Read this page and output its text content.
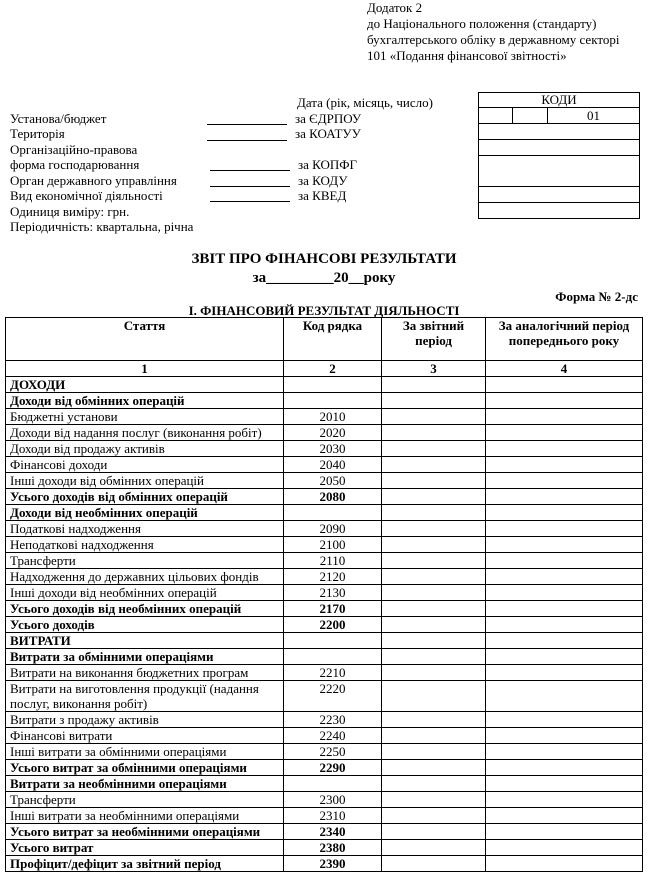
Додаток 2
до Національного положення (стандарту)
бухгалтерського обліку в державному секторі
101 «Подання фінансової звітності»
Дата (рік, місяць, число)	КОДИ
01
Установа/бюджет	за ЄДРПОУ
Територія	за КОАТУУ
Організаційно-правова
форма господарювання	за КОПФГ
Орган державного управління	за КОДУ
Вид економічної діяльності	за КВЕД
Одиниця виміру: грн.
Періодичність: квартальна, річна
ЗВІТ ПРО ФІНАНСОВІ РЕЗУЛЬТАТИ
за_________20__року
Форма № 2-дс
І. ФІНАНСОВИЙ РЕЗУЛЬТАТ ДІЯЛЬНОСТІ
Стаття	Код рядка	За звітний період	За аналогічний період попереднього року
1	2	3	4
ДОХОДИ			
Доходи від обмінних операцій			
Бюджетні установи	2010		
Доходи від надання послуг (виконання робіт)	2020		
Доходи від продажу активів	2030		
Фінансові доходи	2040		
Інші доходи від обмінних операцій	2050		
Усього доходів від обмінних операцій	2080		
Доходи від необмінних операцій			
Податкові надходження	2090		
Неподаткові надходження	2100		
Трансферти	2110		
Надходження до державних цільових фондів	2120		
Інші доходи від необмінних операцій	2130		
Усього доходів від необмінних операцій	2170		
Усього доходів	2200		
ВИТРАТИ			
Витрати за обмінними операціями			
Витрати на виконання бюджетних програм	2210		
Витрати на виготовлення продукції (надання послуг, виконання робіт)	2220		
Витрати з продажу активів	2230		
Фінансові витрати	2240		
Інші витрати за обмінними операціями	2250		
Усього витрат за обмінними операціями	2290		
Витрати за необмінними операціями			
Трансферти	2300		
Інші витрати за необмінними операціями	2310		
Усього витрат за необмінними операціями	2340		
Усього витрат	2380		
Профіцит/дефіцит за звітний період	2390		
